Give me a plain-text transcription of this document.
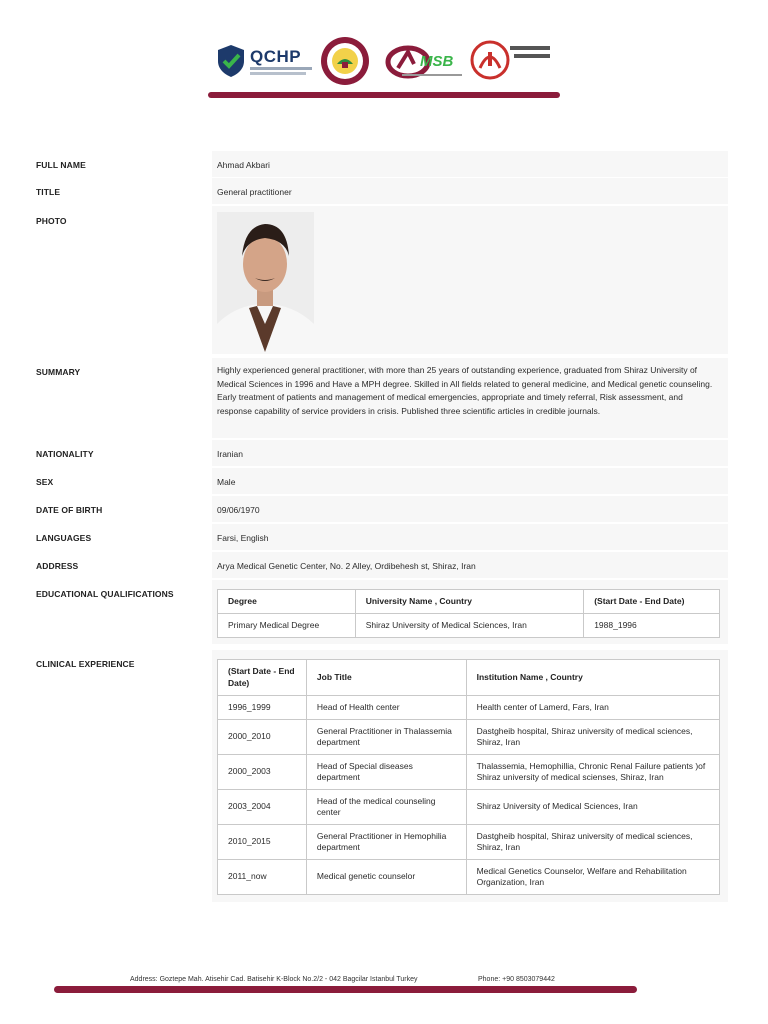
QCHP	MSB
FULL NAME	Ahmad Akbari
TITLE	General practitioner
PHOTO
SUMMARY	Highly experienced general practitioner, with more than 25 years of outstanding experience, graduated from Shiraz University of Medical Sciences in 1996 and Have a MPH degree. Skilled in All fields related to general medicine, and Medical genetic counseling. Early treatment of patients and management of medical emergencies, appropriate and timely referral, Risk assessment, and response capability of service providers in crisis. Published three scientific articles in credible journals.
NATIONALITY	Iranian
SEX	Male
DATE OF BIRTH	09/06/1970
LANGUAGES	Farsi, English
ADDRESS	Arya Medical Genetic Center, No. 2 Alley, Ordibehesh st, Shiraz, Iran
EDUCATIONAL QUALIFICATIONS
Degree	University Name , Country	(Start Date - End Date)
Primary Medical Degree	Shiraz University of Medical Sciences, Iran	1988_1996
CLINICAL EXPERIENCE
(Start Date - End Date)	Job Title	Institution Name , Country
1996_1999	Head of Health center	Health center of Lamerd, Fars, Iran
2000_2010	General Practitioner in Thalassemia department	Dastgheib hospital, Shiraz university of medical sciences, Shiraz, Iran
2000_2003	Head of Special diseases department	Thalassemia, Hemophillia, Chronic Renal Failure patients )of Shiraz university of medical scienses, Shiraz, Iran
2003_2004	Head of the medical counseling center	Shiraz University of Medical Sciences, Iran
2010_2015	General Practitioner in Hemophilia department	Dastgheib hospital, Shiraz university of medical sciences, Shiraz, Iran
2011_now	Medical genetic counselor	Medical Genetics Counselor, Welfare and Rehabilitation Organization, Iran
Address: Goztepe Mah. Atisehir Cad. Batisehir K-Block No.2/2 - 042 Bagcilar Istanbul Turkey	Phone: +90 8503079442
